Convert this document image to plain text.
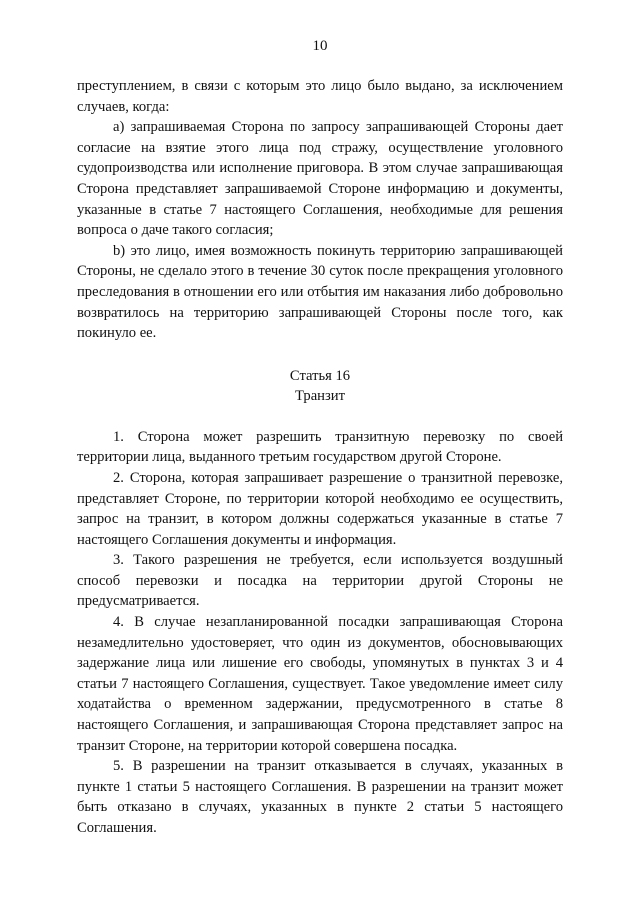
10

преступлением, в связи с которым это лицо было выдано, за исключением случаев, когда:

a) запрашиваемая Сторона по запросу запрашивающей Стороны дает согласие на взятие этого лица под стражу, осуществление уголовного судопроизводства или исполнение приговора. В этом случае запрашивающая Сторона представляет запрашиваемой Стороне информацию и документы, указанные в статье 7 настоящего Соглашения, необходимые для решения вопроса о даче такого согласия;

b) это лицо, имея возможность покинуть территорию запрашивающей Стороны, не сделало этого в течение 30 суток после прекращения уголовного преследования в отношении его или отбытия им наказания либо добровольно возвратилось на территорию запрашивающей Стороны после того, как покинуло ее.

Статья 16
Транзит

1. Сторона может разрешить транзитную перевозку по своей территории лица, выданного третьим государством другой Стороне.

2. Сторона, которая запрашивает разрешение о транзитной перевозке, представляет Стороне, по территории которой необходимо ее осуществить, запрос на транзит, в котором должны содержаться указанные в статье 7 настоящего Соглашения документы и информация.

3. Такого разрешения не требуется, если используется воздушный способ перевозки и посадка на территории другой Стороны не предусматривается.

4. В случае незапланированной посадки запрашивающая Сторона незамедлительно удостоверяет, что один из документов, обосновывающих задержание лица или лишение его свободы, упомянутых в пунктах 3 и 4 статьи 7 настоящего Соглашения, существует. Такое уведомление имеет силу ходатайства о временном задержании, предусмотренного в статье 8 настоящего Соглашения, и запрашивающая Сторона представляет запрос на транзит Стороне, на территории которой совершена посадка.

5. В разрешении на транзит отказывается в случаях, указанных в пункте 1 статьи 5 настоящего Соглашения. В разрешении на транзит может быть отказано в случаях, указанных в пункте 2 статьи 5 настоящего Соглашения.
